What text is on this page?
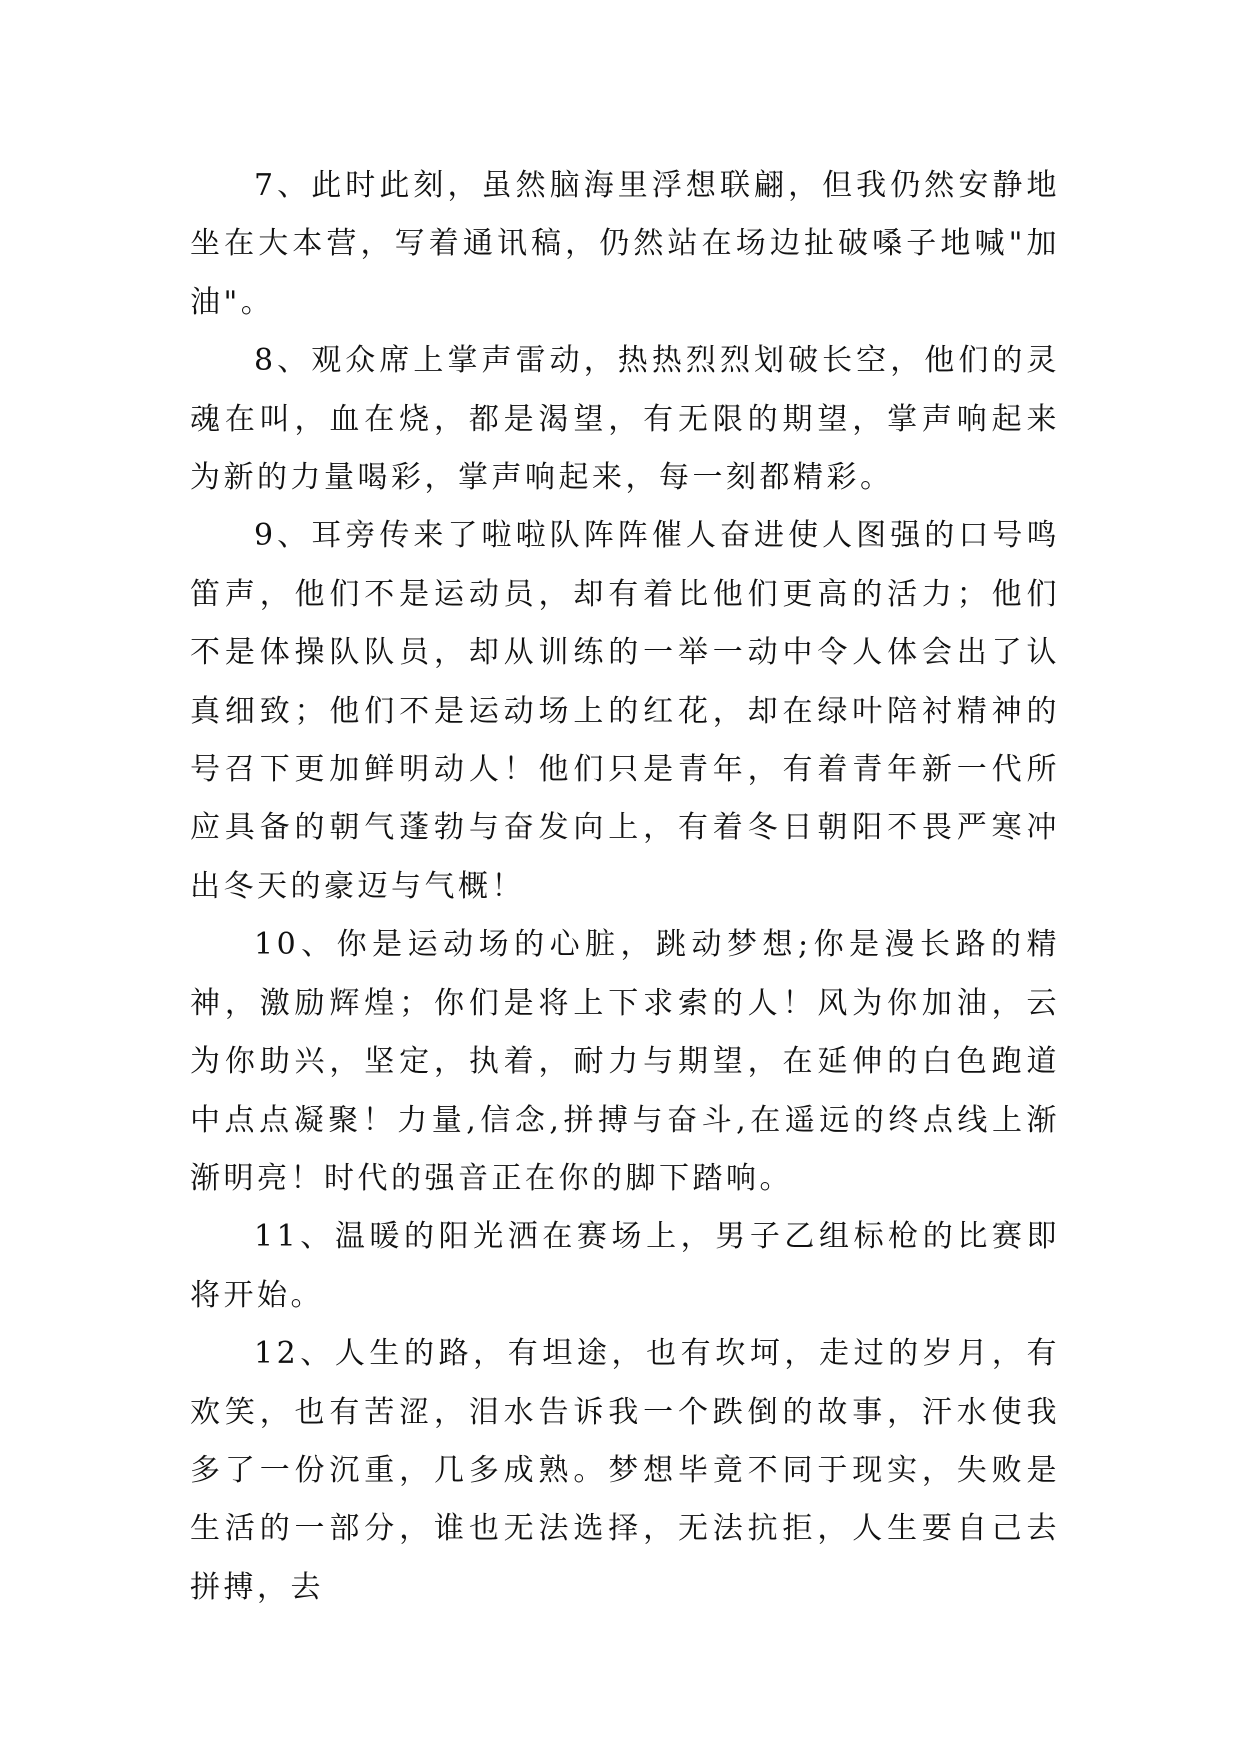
7、此时此刻，虽然脑海里浮想联翩，但我仍然安静地坐在大本营，写着通讯稿，仍然站在场边扯破嗓子地喊"加油"。

8、观众席上掌声雷动，热热烈烈划破长空，他们的灵魂在叫，血在烧，都是渴望，有无限的期望，掌声响起来为新的力量喝彩，掌声响起来，每一刻都精彩。

9、耳旁传来了啦啦队阵阵催人奋进使人图强的口号鸣笛声，他们不是运动员，却有着比他们更高的活力；他们不是体操队队员，却从训练的一举一动中令人体会出了认真细致；他们不是运动场上的红花，却在绿叶陪衬精神的号召下更加鲜明动人！他们只是青年，有着青年新一代所应具备的朝气蓬勃与奋发向上，有着冬日朝阳不畏严寒冲出冬天的豪迈与气概！

10、你是运动场的心脏，跳动梦想;你是漫长路的精神，激励辉煌；你们是将上下求索的人！风为你加油，云为你助兴，坚定，执着，耐力与期望，在延伸的白色跑道中点点凝聚！力量,信念,拼搏与奋斗,在遥远的终点线上渐渐明亮！时代的强音正在你的脚下踏响。

11、温暖的阳光洒在赛场上，男子乙组标枪的比赛即将开始。

12、人生的路，有坦途，也有坎坷，走过的岁月，有欢笑，也有苦涩，泪水告诉我一个跌倒的故事，汗水使我多了一份沉重，几多成熟。梦想毕竟不同于现实，失败是生活的一部分，谁也无法选择，无法抗拒，人生要自己去拼搏，去
